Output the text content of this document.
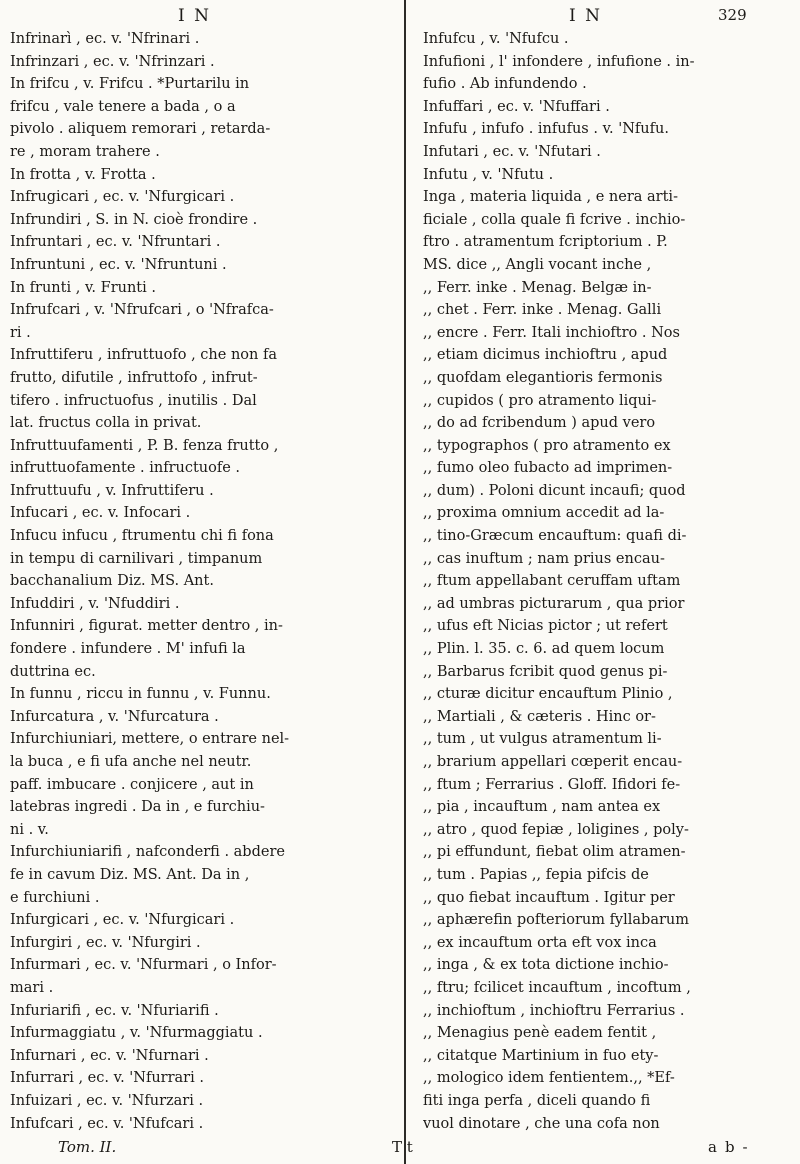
I N	I N	329
Infrinarì , ec. v. 'Nfrinari .
Infrinzari , ec. v. 'Nfrinzari .
In frifcu , v. Frifcu . *Purtarilu in
frifcu , vale tenere a bada , o a
pivolo . aliquem remorari , retarda-
re , moram trahere .
In frotta , v. Frotta .
Infrugicari , ec. v. 'Nfurgicari .
Infrundiri , S. in N. cioè frondire .
Infruntari , ec. v. 'Nfruntari .
Infruntuni , ec. v. 'Nfruntuni .
In frunti , v. Frunti .
Infrufcari , v. 'Nfrufcari , o 'Nfrafca-
ri .
Infruttiferu , infruttuofo , che non fa
frutto, difutile , infruttofo , infrut-
tifero . infructuofus , inutilis . Dal
lat. fructus colla in privat.
Infruttuufamenti , P. B. fenza frutto ,
infruttuofamente . infructuofe .
Infruttuufu , v. Infruttiferu .
Infucari , ec. v. Infocari .
Infucu infucu , ftrumentu chi fi fona
in tempu di carnilivari , timpanum
bacchanalium Diz. MS. Ant.
Infuddiri , v. 'Nfuddiri .
Infunniri , figurat. metter dentro , in-
fondere . infundere . M' infufi la
duttrina ec.
In funnu , riccu in funnu , v. Funnu.
Infurcatura , v. 'Nfurcatura .
Infurchiuniari, mettere, o entrare nel-
la buca , e fi ufa anche nel neutr.
paff. imbucare . conjicere , aut in
latebras ingredi . Da in , e furchiu-
ni . v.
Infurchiuniarifi , nafconderfi . abdere
fe in cavum Diz. MS. Ant. Da in ,
e furchiuni .
Infurgicari , ec. v. 'Nfurgicari .
Infurgiri , ec. v. 'Nfurgiri .
Infurmari , ec. v. 'Nfurmari , o Infor-
mari .
Infuriarifi , ec. v. 'Nfuriarifi .
Infurmaggiatu , v. 'Nfurmaggiatu .
Infurnari , ec. v. 'Nfurnari .
Infurrari , ec. v. 'Nfurrari .
Infuizari , ec. v. 'Nfurzari .
Infufcari , ec. v. 'Nfufcari .
Infufcu , v. 'Nfufcu .
Infufioni , l' infondere , infufione . in-
fufio . Ab infundendo .
Infuffari , ec. v. 'Nfuffari .
Infufu , infufo . infufus . v. 'Nfufu.
Infutari , ec. v. 'Nfutari .
Infutu , v. 'Nfutu .
Inga , materia liquida , e nera arti-
ficiale , colla quale fi fcrive . inchio-
ftro . atramentum fcriptorium . P.
MS. dice ,, Angli vocant inche ,
,, Ferr. inke . Menag. Belgæ in-
,, chet . Ferr. inke . Menag. Galli
,, encre . Ferr. Itali inchioftro . Nos
,, etiam dicimus inchioftru , apud
,, quofdam elegantioris fermonis
,, cupidos ( pro atramento liqui-
,, do ad fcribendum ) apud vero
,, typographos ( pro atramento ex
,, fumo oleo fubacto ad imprimen-
,, dum) . Poloni dicunt incaufi; quod
,, proxima omnium accedit ad la-
,, tino-Græcum encauftum: quafi di-
,, cas inuftum ; nam prius encau-
,, ftum appellabant ceruffam uftam
,, ad umbras picturarum , qua prior
,, ufus eft Nicias pictor ; ut refert
,, Plin. l. 35. c. 6. ad quem locum
,, Barbarus fcribit quod genus pi-
,, cturæ dicitur encauftum Plinio ,
,, Martiali , & cæteris . Hinc or-
,, tum , ut vulgus atramentum li-
,, brarium appellari cœperit encau-
,, ftum ; Ferrarius . Gloff. Ifidori fe-
,, pia , incauftum , nam antea ex
,, atro , quod fepiæ , loligines , poly-
,, pi effundunt, fiebat olim atramen-
,, tum . Papias ,, fepia pifcis de
,, quo fiebat incauftum . Igitur per
,, aphærefin pofteriorum fyllabarum
,, ex incauftum orta eft vox inca
,, inga , & ex tota dictione inchio-
,, ftru; fcilicet incauftum , incoftum ,
,, inchioftum , inchioftru Ferrarius .
,, Menagius penè eadem fentit ,
,, citatque Martinium in fuo ety-
,, mologico idem fentientem.,, *Ef-
fiti inga perfa , diceli quando fi
vuol dinotare , che una cofa non
Tom. II.	T t	ab-
